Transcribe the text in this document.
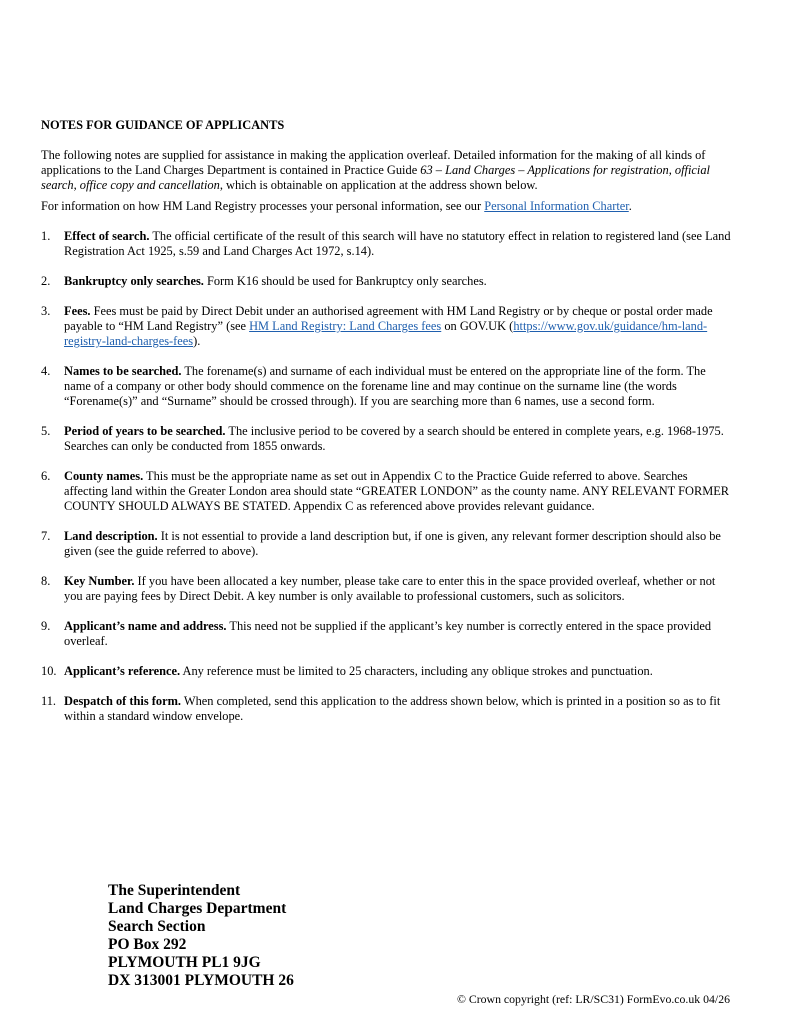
NOTES FOR GUIDANCE OF APPLICANTS

The following notes are supplied for assistance in making the application overleaf. Detailed information for the making of all kinds of applications to the Land Charges Department is contained in Practice Guide 63 – Land Charges – Applications for registration, official search, office copy and cancellation, which is obtainable on application at the address shown below.

For information on how HM Land Registry processes your personal information, see our Personal Information Charter.

1. Effect of search. The official certificate of the result of this search will have no statutory effect in relation to registered land (see Land Registration Act 1925, s.59 and Land Charges Act 1972, s.14).
2. Bankruptcy only searches. Form K16 should be used for Bankruptcy only searches.
3. Fees. Fees must be paid by Direct Debit under an authorised agreement with HM Land Registry or by cheque or postal order made payable to “HM Land Registry” (see HM Land Registry: Land Charges fees on GOV.UK (https://www.gov.uk/guidance/hm-land-registry-land-charges-fees).
4. Names to be searched. The forename(s) and surname of each individual must be entered on the appropriate line of the form. The name of a company or other body should commence on the forename line and may continue on the surname line (the words “Forename(s)” and “Surname” should be crossed through). If you are searching more than 6 names, use a second form.
5. Period of years to be searched. The inclusive period to be covered by a search should be entered in complete years, e.g. 1968-1975. Searches can only be conducted from 1855 onwards.
6. County names. This must be the appropriate name as set out in Appendix C to the Practice Guide referred to above. Searches affecting land within the Greater London area should state “GREATER LONDON” as the county name. ANY RELEVANT FORMER COUNTY SHOULD ALWAYS BE STATED. Appendix C as referenced above provides relevant guidance.
7. Land description. It is not essential to provide a land description but, if one is given, any relevant former description should also be given (see the guide referred to above).
8. Key Number. If you have been allocated a key number, please take care to enter this in the space provided overleaf, whether or not you are paying fees by Direct Debit. A key number is only available to professional customers, such as solicitors.
9. Applicant’s name and address. This need not be supplied if the applicant’s key number is correctly entered in the space provided overleaf.
10. Applicant’s reference. Any reference must be limited to 25 characters, including any oblique strokes and punctuation.
11. Despatch of this form. When completed, send this application to the address shown below, which is printed in a position so as to fit within a standard window envelope.
The Superintendent
Land Charges Department
Search Section
PO Box 292
PLYMOUTH PL1 9JG
DX 313001 PLYMOUTH 26
© Crown copyright (ref: LR/SC31) FormEvo.co.uk 04/26
